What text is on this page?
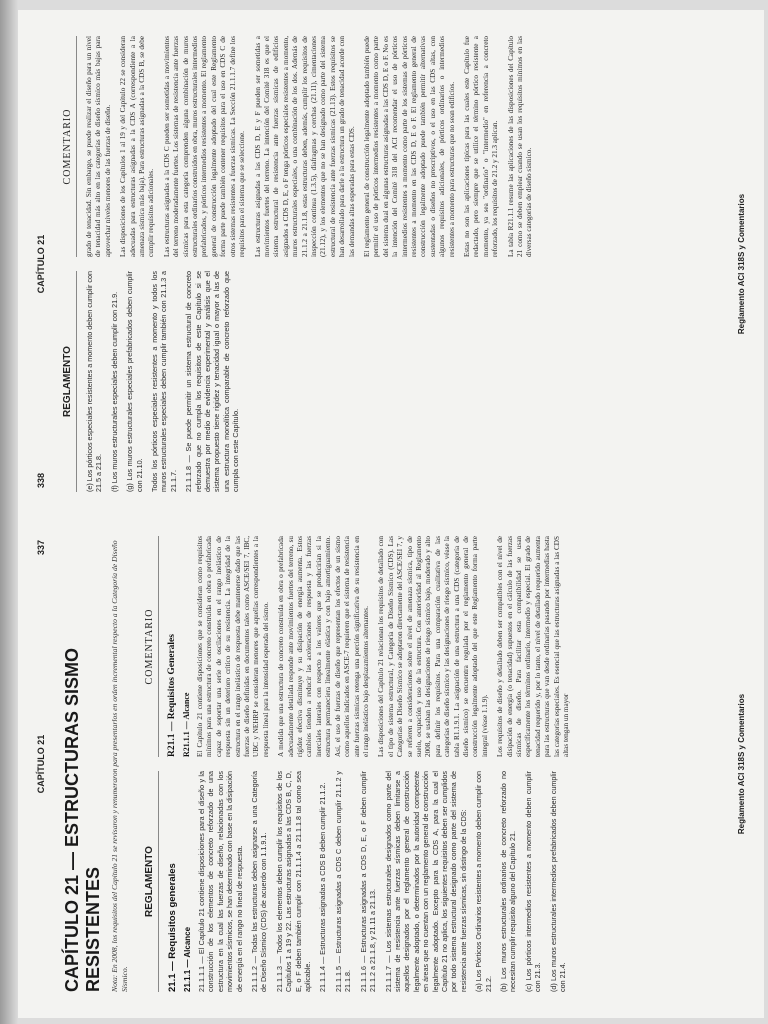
CAPÍTULO 21
337
CAPÍTULO 21 — ESTRUCTURAS SISMO RESISTENTES Nota: En 2008, los requisitos del Capítulo 21 se revisaron y renumeraron para presentarlos en orden incremental respecto a la Categoría de Diseño Sísmico.
REGLAMENTO	21.1 — Requisitos generales 21.1.1 — Alcance 21.1.1.1 — El Capítulo 21 contiene disposiciones para el diseño y la construcción de los elementos de concreto reforzado de una estructura en la cual las fuerzas de diseño, relacionadas con los movimientos sísmicos, se han determinado con base en la disipación de energía en el rango no lineal de respuesta. 21.1.1.2 — Todas las estructuras deben asignarse a una Categoría de Diseño Sísmico (CDS) de acuerdo con 1.1.9.1. 21.1.1.3 — Todos los elementos deben cumplir los requisitos de los Capítulos 1 a 19 y 22. Las estructuras asignadas a las CDS B, C, D, E, o F deben también cumplir con 21.1.1.4 a 21.1.1.8 tal como sea aplicable. 21.1.1.4 — Estructuras asignadas a CDS B deben cumplir 21.1.2. 21.1.1.5 — Estructuras asignadas a CDS C deben cumplir 21.1.2 y 21.1.8. 21.1.1.6 — Estructuras asignadas a CDS D, E, o F deben cumplir 21.1.2 a 21.1.8, y 21.11 a 21.13. 21.1.1.7 — Los sistemas estructurales designados como parte del sistema de resistencia ante fuerzas sísmicas deben limitarse a aquellos designados por el reglamento general de construcción legalmente adoptado, o determinados por la autoridad competente en áreas que no cuentan con un reglamento general de construcción legalmente adoptado. Excepto para la CDS A, para la cual el Capítulo 21 no aplica, los siguientes requisitos deben ser cumplidos por todo sistema estructural designado como parte del sistema de resistencia ante fuerzas sísmicas, sin distingo de la CDS: (a) Los Pórticos Ordinarios resistentes a momento deben cumplir con 21.2. (b) Los muros estructurales ordinarios de concreto reforzado no necesitan cumplir requisito alguno del Capítulo 21. (c) Los pórticos intermedios resistentes a momento deben cumplir con 21.3. (d) Los muros estructurales intermedios prefabricados deben cumplir con 21.4.
COMENTARIO	R21.1 — Requisitos Generales R21.1.1 — Alcance El Capítulo 21 contiene disposiciones que se consideran como requisitos mínimos para una estructura de concreto construida en obra o prefabricada capaz de soportar una serie de oscilaciones en el rango inelástico de respuesta sin un deterioro crítico de su resistencia. La integridad de la estructura en el rango inelástico de respuesta debe mantenerse dado que las fuerzas de diseño definidas en documentos tales como ASCE/SEI 7, IBC, UBC y NEHRP se consideran menores que aquellas correspondientes a la respuesta lineal para la intensidad esperada del sismo. A medida que una estructura de concreto construida en obra o prefabricada adecuadamente detallada responde ante movimientos fuertes del terreno, su rigidez efectiva disminuye y su disipación de energía aumenta. Estos cambios tienden a reducir las aceleraciones de respuesta y las fuerzas inerciales laterales con respecto a los valores que se producirían si la estructura permaneciera linealmente elástica y con bajo amortiguamiento. Así, el uso de fuerzas de diseño que representan los efectos de un sismo como aquellos indicados en ASCE-7 requieren que el sistema de resistencia ante fuerzas sísmicas retenga una porción significativa de su resistencia en el rango inelástico bajo desplazamientos alternantes. Las disposiciones del Capítulo 21 relacionan los requisitos de detallado con el tipo de sistema estructural, y Categoría de Diseño Sísmico (CDS). Las Categorías de Diseño Sísmico se adoptaron directamente del ASCE/SEI 7, y se refieren a consideraciones sobre el nivel de amenaza sísmica, tipo de suelo, ocupación y uso de la estructura. Con anterioridad al Reglamento 2008, se usaban las designaciones de riesgo sísmico bajo, moderado y alto para definir los requisitos. Para una comparación cualitativa de las categorías de diseño sísmico y las designaciones de riesgo sísmico, véase la tabla R1.1.9.1. La asignación de una estructura a una CDS (categoría de diseño sísmico) se encuentra regulada por el reglamento general de construcción legalmente adoptado del que este Reglamento forma parte integral (véase 1.1.9). Los requisitos de diseño y detallado deben ser compatibles con el nivel de disipación de energía (o tenacidad) supuestos en el cálculo de las fuerzas sísmicas de diseño. Para facilitar esta compatibilidad se usan específicamente los términos ordinario, intermedio y especial. El grado de tenacidad requerido y, por lo tanto, el nivel de detallado requerido aumenta para las estructuras que van desde ordinarias pasando por intermedias hasta las categorías especiales. Es esencial que las estructuras asignadas a las CDS altas tengan un mayor	Reglamento ACI 318S y Comentarios
338
CAPÍTULO 21
REGLAMENTO	(e) Los pórticos especiales resistentes a momento deben cumplir con 21.5 a 21.8. (f) Los muros estructurales especiales deben cumplir con 21.9. (g) Los muros estructurales especiales prefabricados deben cumplir con 21.10. Todos los pórticos especiales resistentes a momento y todos los muros estructurales especiales deben cumplir también con 21.1.3 a 21.1.7. 21.1.1.8 — Se puede permitir un sistema estructural de concreto reforzado que no cumpla los requisitos de este Capítulo si se demuestra por medio de evidencia experimental y análisis que el sistema propuesto tiene rigidez y tenacidad igual o mayor a las de una estructura monolítica comparable de concreto reforzado que cumpla con este Capítulo.
COMENTARIO	grado de tenacidad. Sin embargo, se puede realizar el diseño para un nivel de tenacidad más alto en las categorías de diseño sísmico más bajas para aprovechar niveles menores de las fuerzas de diseño. Las disposiciones de los Capítulos 1 al 19 y del Capítulo 22 se consideran adecuadas para estructuras asignadas a la CDS A (correspondiente a la amenaza sísmica más baja). Para estructuras asignadas a la CDS B, se debe cumplir requisitos adicionales. Las estructuras asignadas a la CDS C pueden ser sometidas a movimientos del terreno moderadamente fuertes. Los sistemas de resistencia ante fuerzas sísmicas para esta categoría comprenden alguna combinación de muros estructurales ordinarios construidos en obra, muros estructurales intermedios prefabricados, y pórticos intermedios resistentes a momento. El reglamento general de construcción legalmente adoptado del cual este Reglamento forma parte puede también contener requisitos para el uso en CDS C de otros sistemas resistentes a fuerzas sísmicas. La Sección 21.1.1.7 define los requisitos para el sistema que se seleccione. Las estructuras asignadas a las CDS D, E y F pueden ser sometidas a movimientos fuertes del terreno. La intención del Comité 318 es que el sistema estructural de resistencia ante fuerzas sísmicas de edificios asignados a CDS D, E, o F tenga pórticos especiales resistentes a momento, muros estructurales especiales, o una combinación de los dos. Además de 21.1.2 a 21.1.8, estas estructuras deben, además, cumplir los requisitos de inspección continua (1.3.5), diafragmas y cerchas (21.11), cimentaciones (21.12), y los elementos que no se han designado como parte del sistema estructural de resistencia ante fuerzas sísmicas (21.13). Estos requisitos se han desarrollado para darle a la estructura un grado de tenacidad acorde con las demandas altas esperadas para estas CDS. El reglamento general de construcción legalmente adoptado también puede permitir el uso de pórticos intermedios resistentes a momento como parte del sistema dual en algunas estructuras asignadas a las CDS D, E o F. No es la intención del Comité 318 del ACI recomendar el uso de pórticos intermedios resistentes a momento como parte de los sistemas de pórticos resistentes a momento en las CDS D, E o F. El reglamento general de construcción legalmente adoptado puede también permitir alternativas sustentadas o diseños no prescriptivos, o el uso en las CDS altas, con algunos requisitos adicionales, de pórticos ordinarios o intermedios resistentes a momento para estructuras que no sean edificios. Estas no son las aplicaciones típicas para las cuales este Capítulo fue redactado, pero siempre que se utilice el término pórtico resistente a momento, ya sea "ordinario" o "intermedio" en referencia a concreto reforzado, los requisitos de 21.2 y 21.3 aplican. La tabla R21.1.1 resume las aplicaciones de las disposiciones del Capítulo 21 como se deben emplear cuando se usan los requisitos mínimos en las diversas categorías de diseño sísmico.	Reglamento ACI 318S y Comentarios
